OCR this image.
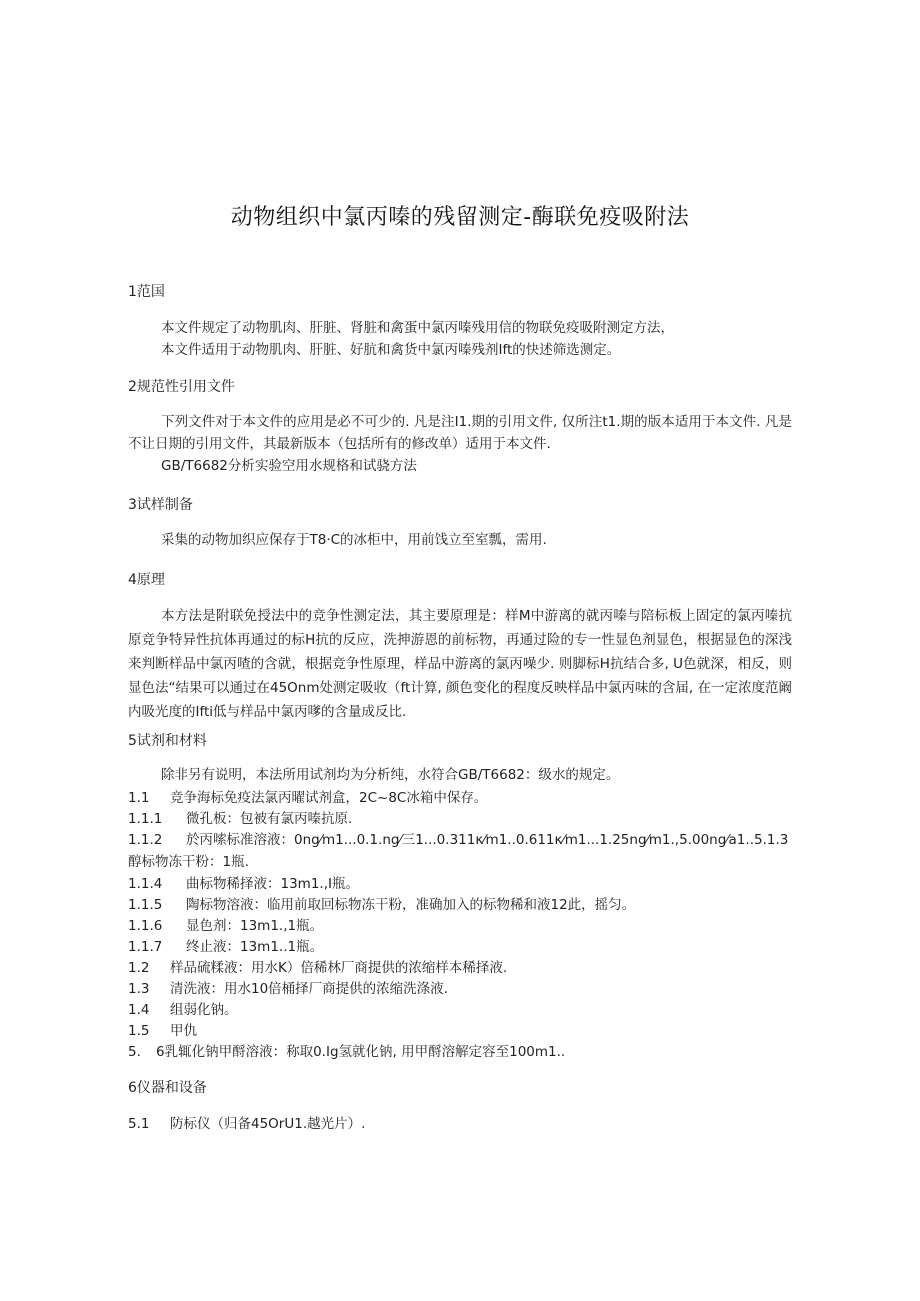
动物组织中氯丙嗪的残留测定-酶联免疫吸附法
1范国
本文件规定了动物肌肉、肝脏、肾脏和禽蛋中氯丙嗪残用信的物联免疫吸附测定方法，
本文件适用于动物肌肉、肝脏、好肮和禽货中氯丙嗪残剂Ift的快述筛选测定。
2规范性引用文件

下列文件对于本文件的应用是必不可少的. 凡是注I1.期的引用文件, 仅所注t1.期的版本适用于本文件. 凡是不让日期的引用文件，其最新版本（包括所有的修改单）适用于本文件.

GB/T6682分析实验空用水规格和试骁方法
3试样制备
采集的动物加织应保存于T8·C的冰柜中，用前饯立至室瓢，需用.
4原理

本方法是附联免授法中的竞争性测定法，其主要原理是：样M中游离的就丙嗪与陪标板上固定的氯丙嗪抗原竞争特异性抗体再通过的标H抗的反应，洗抻游恩的前标物，再通过险的专一性显色剂显色，根据显色的深浅来判断样品中氯丙喳的含就，根据竞争性原理，样品中游离的氯丙噪少. 则脚标H抗结合多, U色就深，相反，则显色法“结果可以通过在45Onm处测定吸收（ft计算, 颜色变化的程度反映样品中氯丙味的含届, 在一定浓度范阚内吸光度的Ifti低与样品中氯丙嗲的含量成反比.

5试剂和材料
除非另有说明，本法所用试剂均为分析纯，水符合GB/T6682：级水的规定。
1.1 竞争海标免疫法氯丙曜试剂盒，2C~8C冰箱中保存。
1.1.1 微孔板：包被有氯丙嗪抗原.
1.1.2 於丙嗦标准溶液：0ng⁄m1...0.1.ng⁄三1...0.311κ⁄m1..0.611κ⁄m1...1.25ng⁄m1.,5.00ng⁄a1..5.1.3醇标物冻干粉：1瓶.
1.1.4 曲标物稀择液：13m1.,I瓶。
1.1.5 陶标物溶液：临用前取回标物冻干粉，准确加入的标物稀和液12此，摇匀。
1.1.6 显色剂：13m1.,1瓶。
1.1.7 终止液：13m1..1瓶。
1.2 样品硫糅液：用水K）倍稀林厂商提供的浓缩样本稀择液.
1.3 清洗液：用水10倍桶择厂商提供的浓缩洗涤液.
1.4 组弱化钠。
1.5 甲仇
5. 6乳辄化钠甲酹溶液：称取0.Ig氢就化钠, 用甲酹溶解定容至100m1..
6仪器和设备
5.1 防标仪（归备45OrU1.越光片）.
